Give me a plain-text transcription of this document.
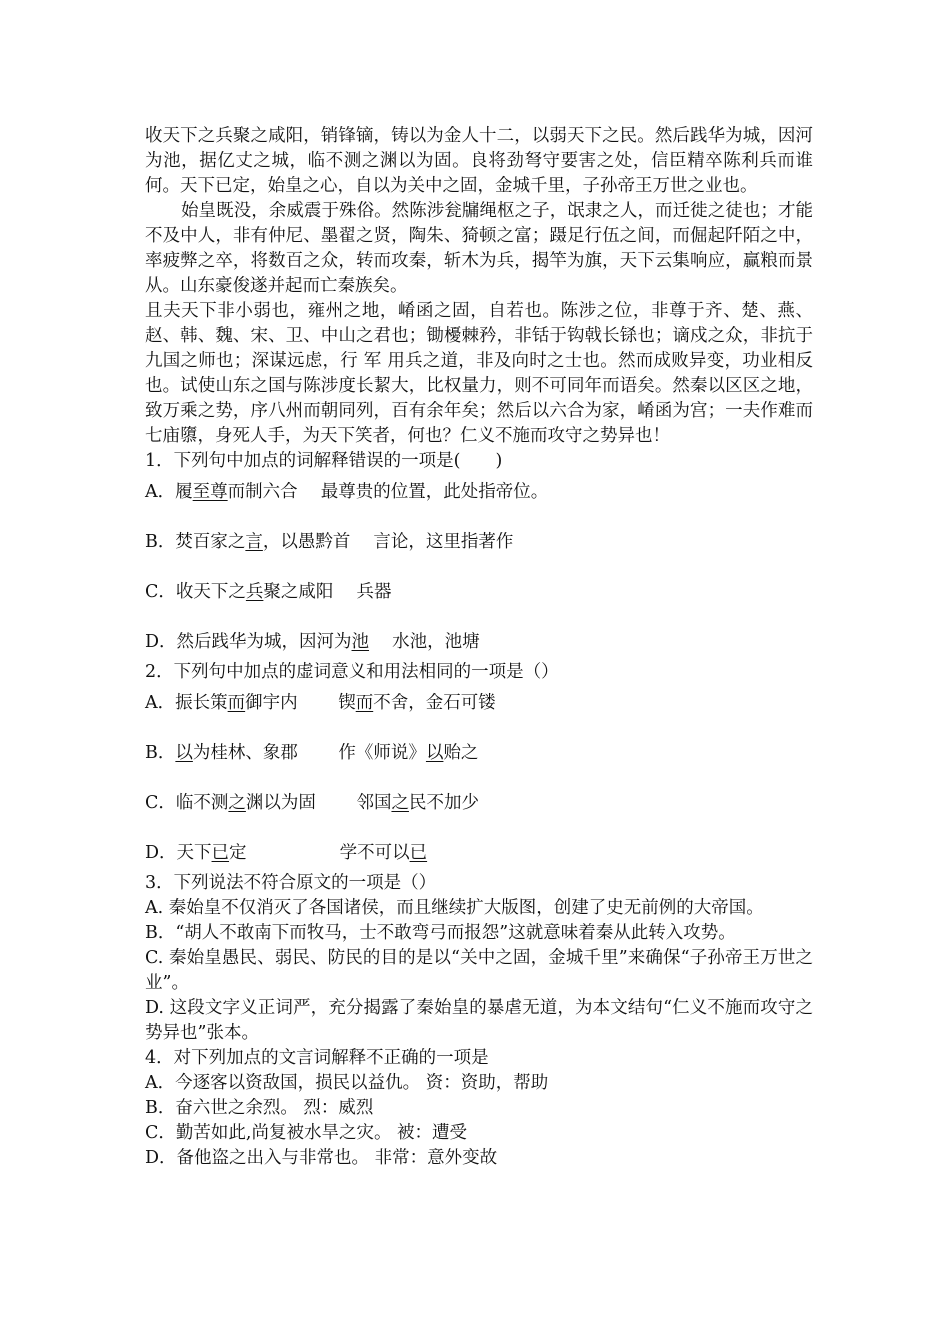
收天下之兵聚之咸阳，销锋镝，铸以为金人十二，以弱天下之民。然后践华为城，因河为池，据亿丈之城，临不测之渊以为固。良将劲弩守要害之处，信臣精卒陈利兵而谁何。天下已定，始皇之心，自以为关中之固，金城千里，子孙帝王万世之业也。

始皇既没，余威震于殊俗。然陈涉瓮牖绳枢之子，氓隶之人，而迁徙之徒也；才能不及中人，非有仲尼、墨翟之贤，陶朱、猗顿之富；蹑足行伍之间，而倔起阡陌之中，率疲弊之卒，将数百之众，转而攻秦，斩木为兵，揭竿为旗，天下云集响应，赢粮而景从。山东豪俊遂并起而亡秦族矣。

且夫天下非小弱也，雍州之地，崤函之固，自若也。陈涉之位，非尊于齐、楚、燕、赵、韩、魏、宋、卫、中山之君也；锄櫌棘矜，非铦于钩戟长铩也；谪戍之众，非抗于九国之师也；深谋远虑，行 军 用兵之道，非及向时之士也。然而成败异变，功业相反也。试使山东之国与陈涉度长絜大，比权量力，则不可同年而语矣。然秦以区区之地，致万乘之势，序八州而朝同列，百有余年矣；然后以六合为家，崤函为宫；一夫作难而七庙隳，身死人手，为天下笑者，何也？仁义不施而攻守之势异也！

1．下列句中加点的词解释错误的一项是(　　)

A．履至尊而制六合　 最尊贵的位置，此处指帝位。

B．焚百家之言，以愚黔首　 言论，这里指著作

C．收天下之兵聚之咸阳　 兵器

D．然后践华为城，因河为池　 水池，池塘

2．下列句中加点的虚词意义和用法相同的一项是（）

A．振长策而御宇内　　 锲而不舍，金石可镂

B．以为桂林、象郡　　 作《师说》以贻之

C．临不测之渊以为固　　 邻国之民不加少

D．天下已定　　　　　 学不可以已

3．下列说法不符合原文的一项是（）

A. 秦始皇不仅消灭了各国诸侯，而且继续扩大版图，创建了史无前例的大帝国。

B．“胡人不敢南下而牧马，士不敢弯弓而报怨”这就意味着秦从此转入攻势。

C. 秦始皇愚民、弱民、防民的目的是以“关中之固，金城千里”来确保“子孙帝王万世之业”。

D. 这段文字义正词严，充分揭露了秦始皇的暴虐无道，为本文结句“仁义不施而攻守之势异也”张本。

4．对下列加点的文言词解释不正确的一项是

A．今逐客以资敌国，损民以益仇。 资：资助，帮助

B．奋六世之余烈。 烈：威烈

C．勤苦如此,尚复被水旱之灾。 被：遭受

D．备他盗之出入与非常也。 非常：意外变故
